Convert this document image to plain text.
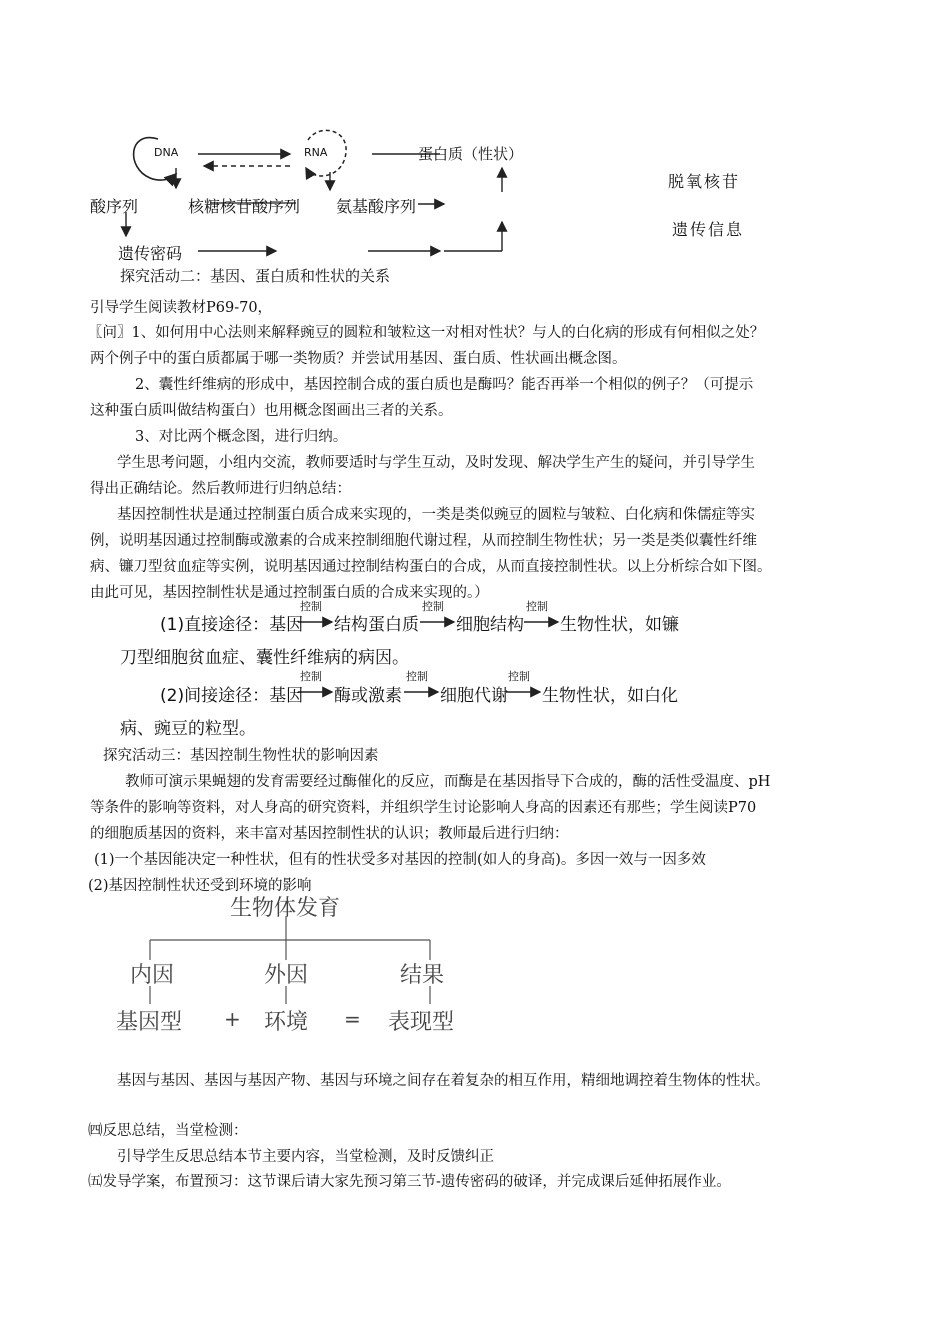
DNA	RNA	蛋白质（性状）
脱氧核苷
遗传信息
酸序列	核糖核苷酸序列 氨基酸序列
遗传密码
探究活动二：基因、蛋白质和性状的关系
引导学生阅读教材P69-70，
〖问〗1、如何用中心法则来解释豌豆的圆粒和皱粒这一对相对性状？与人的白化病的形成有何相似之处？
两个例子中的蛋白质都属于哪一类物质？并尝试用基因、蛋白质、性状画出概念图。
2、囊性纤维病的形成中，基因控制合成的蛋白质也是酶吗？能否再举一个相似的例子？（可提示
这种蛋白质叫做结构蛋白）也用概念图画出三者的关系。
3、对比两个概念图，进行归纳。
学生思考问题，小组内交流，教师要适时与学生互动，及时发现、解决学生产生的疑问，并引导学生
得出正确结论。然后教师进行归纳总结：
基因控制性状是通过控制蛋白质合成来实现的，一类是类似豌豆的圆粒与皱粒、白化病和侏儒症等实
例，说明基因通过控制酶或激素的合成来控制细胞代谢过程，从而控制生物性状；另一类是类似囊性纤维
病、镰刀型贫血症等实例，说明基因通过控制结构蛋白的合成，从而直接控制性状。以上分析综合如下图。
由此可见，基因控制性状是通过控制蛋白质的合成来实现的。）
(1)直接途径：基因
控制
结构蛋白质
控制
细胞结构
控制
生物性状，如镰
刀型细胞贫血症、囊性纤维病的病因。
(2)间接途径：基因
控制
酶或激素
控制
细胞代谢
控制
生物性状，如白化
病、豌豆的粒型。
探究活动三：基因控制生物性状的影响因素
教师可演示果蝇翅的发育需要经过酶催化的反应，而酶是在基因指导下合成的，酶的活性受温度、pH
等条件的影响等资料，对人身高的研究资料，并组织学生讨论影响人身高的因素还有那些；学生阅读P70
的细胞质基因的资料，来丰富对基因控制性状的认识；教师最后进行归纳：
(1)一个基因能决定一种性状，但有的性状受多对基因的控制(如人的身高)。多因一效与一因多效
(2)基因控制性状还受到环境的影响
生物体发育
内因	外因	结果
基因型 + 环境 = 表现型
基因与基因、基因与基因产物、基因与环境之间存在着复杂的相互作用，精细地调控着生物体的性状。
㈣反思总结，当堂检测：
引导学生反思总结本节主要内容，当堂检测，及时反馈纠正
㈤发导学案，布置预习：这节课后请大家先预习第三节-遗传密码的破译，并完成课后延伸拓展作业。
